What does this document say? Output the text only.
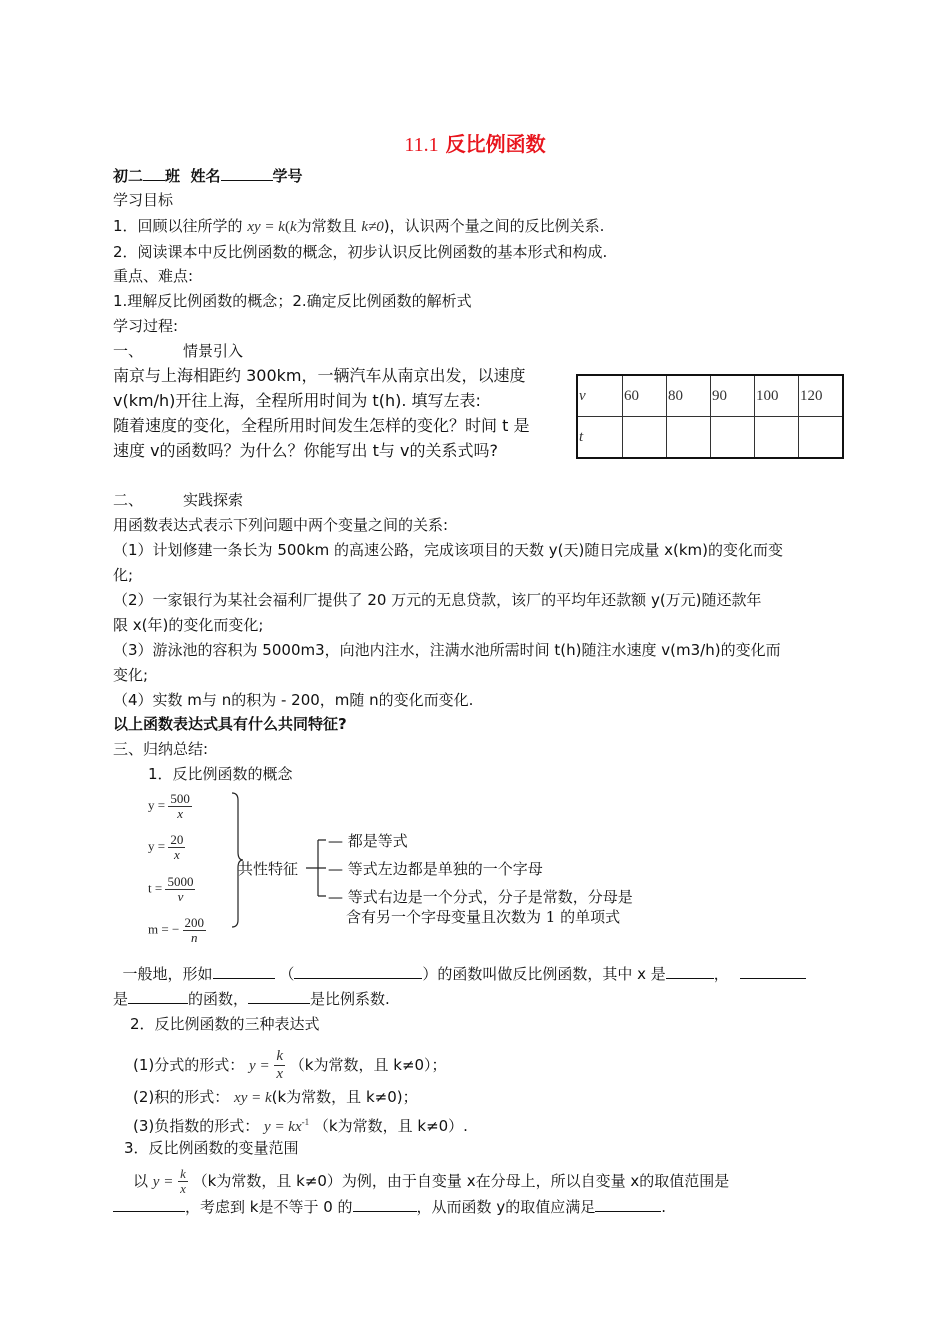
11.1 反比例函数
初二 班 姓名	学号
学习目标
1．回顾以往所学的 xy = k(k为常数且 k≠0)，认识两个量之间的反比例关系.
2．阅读课本中反比例函数的概念，初步认识反比例函数的基本形式和构成.
重点、难点:
1.理解反比例函数的概念；2.确定反比例函数的解析式
学习过程:
一、	情景引入
南京与上海相距约 300km，一辆汽车从南京出发，以速度
v(km/h)开往上海，全程所用时间为 t(h). 填写左表:
随着速度的变化，全程所用时间发生怎样的变化？时间 t 是
速度 v的函数吗？为什么？你能写出 t与 v的关系式吗?
v	60	80	90	100	120
t					
二、	实践探索
用函数表达式表示下列问题中两个变量之间的关系:
（1）计划修建一条长为 500km 的高速公路，完成该项目的天数 y(天)随日完成量 x(km)的变化而变
化;
（2）一家银行为某社会福利厂提供了 20 万元的无息贷款，该厂的平均年还款额 y(万元)随还款年
限 x(年)的变化而变化;
（3）游泳池的容积为 5000m3，向池内注水，注满水池所需时间 t(h)随注水速度 v(m3/h)的变化而
变化;
（4）实数 m与 n的积为 - 200，m随 n的变化而变化.
以上函数表达式具有什么共同特征?
三、归纳总结:
1．反比例函数的概念
$y = \frac{500}{x}$
$y = \frac{20}{x}$
$t = \frac{5000}{v}$
m = − $\frac{200}{n}$
共性特征
— 都是等式
— 等式左边都是单独的一个字母
— 等式右边是一个分式，分子是常数，分母是
含有另一个字母变量且次数为 1 的单项式
一般地，形如	（	）的函数叫做反比例函数，其中 x 是	，
是	的函数，	是比例系数.
2．反比例函数的三种表达式
(1)分式的形式： $y = \frac{k}{x} (k$为常数，且 k≠0）；
(2)积的形式： xy = k(k为常数，且 k≠0)；
(3)负指数的形式： $y = kx^{-1}$ （k为常数，且 k≠0）.
3．反比例函数的变量范围
以 $y = \frac{k}{x} (k$为常数，且 k≠0）为例，由于自变量 x在分母上，所以自变量 x的取值范围是
，考虑到 k是不等于 0 的	，从而函数 y的取值应满足	.
